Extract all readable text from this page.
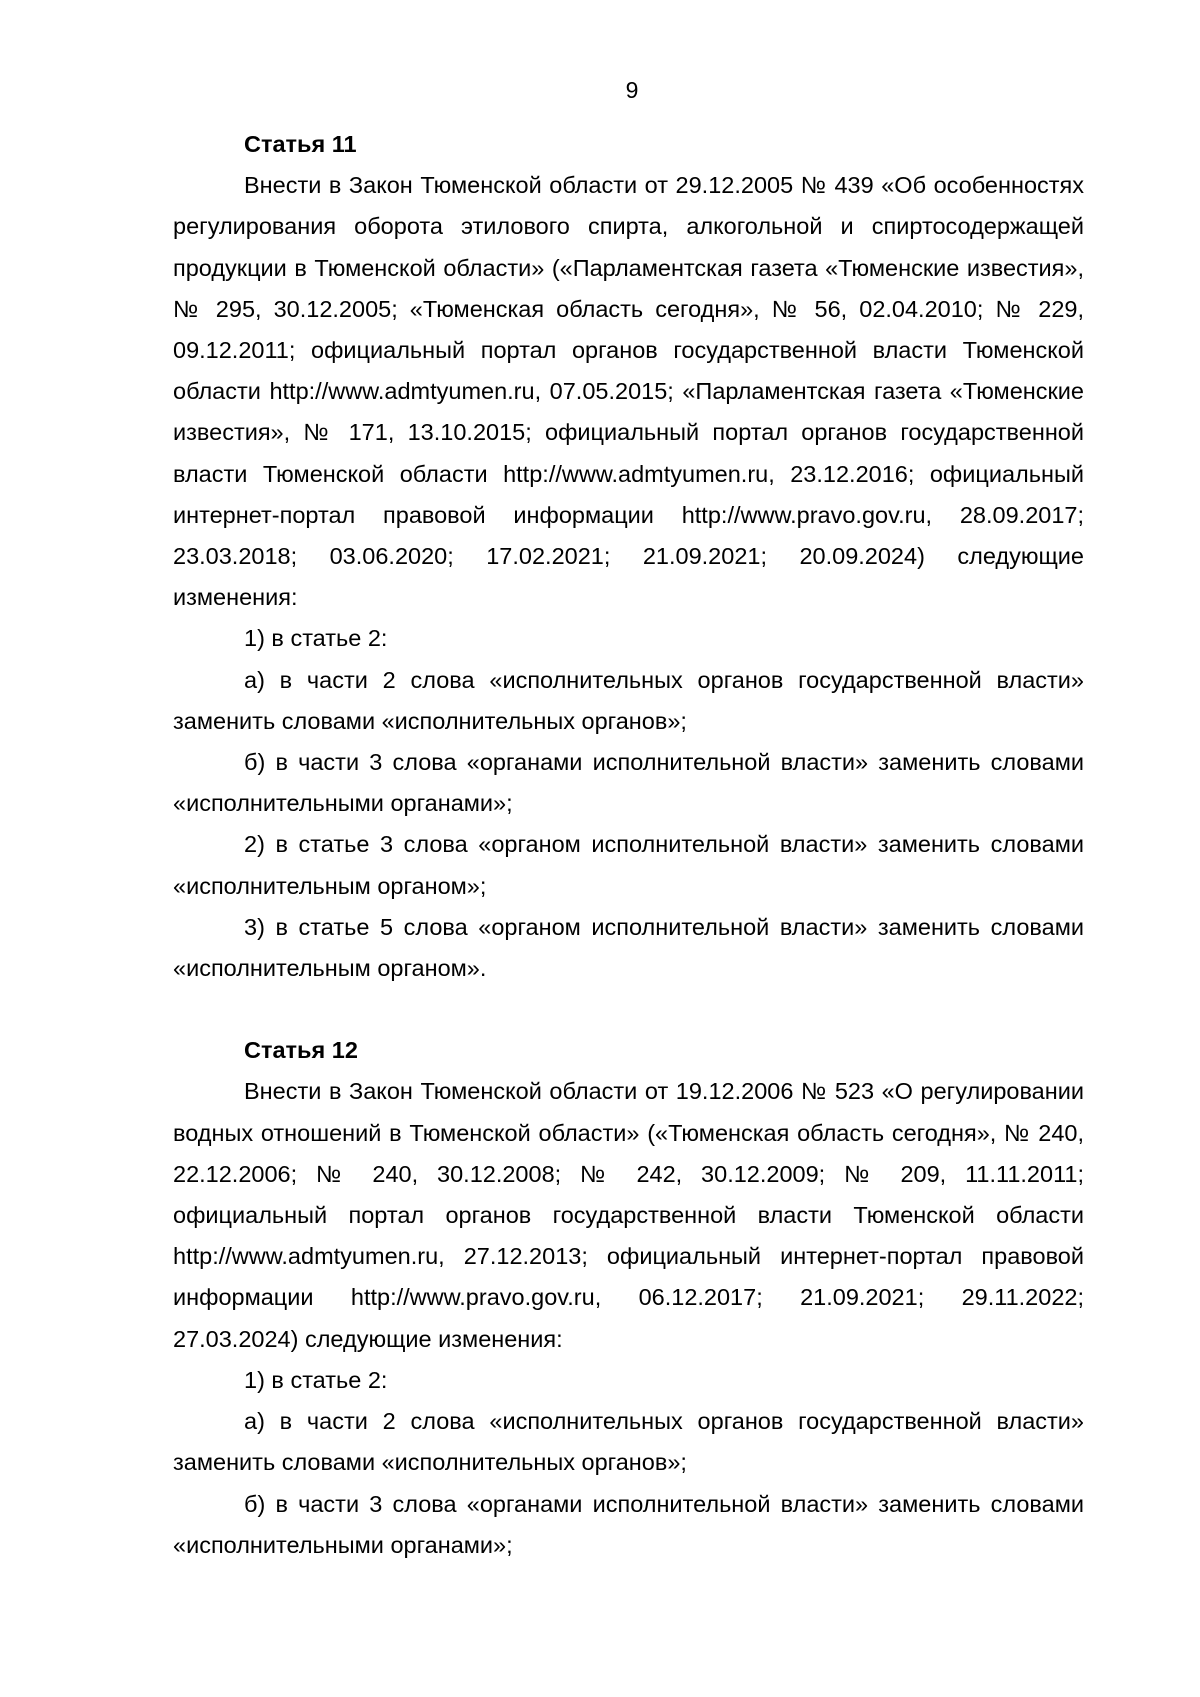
9

Статья 11

Внести в Закон Тюменской области от 29.12.2005 № 439 «Об особенностях регулирования оборота этилового спирта, алкогольной и спиртосодержащей продукции в Тюменской области» («Парламентская газета «Тюменские известия», № 295, 30.12.2005; «Тюменская область сегодня», № 56, 02.04.2010; № 229, 09.12.2011; официальный портал органов государственной власти Тюменской области http://www.admtyumen.ru, 07.05.2015; «Парламентская газета «Тюменские известия», № 171, 13.10.2015; официальный портал органов государственной власти Тюменской области http://www.admtyumen.ru, 23.12.2016; официальный интернет-портал правовой информации http://www.pravo.gov.ru, 28.09.2017; 23.03.2018; 03.06.2020; 17.02.2021; 21.09.2021; 20.09.2024) следующие изменения:

1) в статье 2:

а) в части 2 слова «исполнительных органов государственной власти» заменить словами «исполнительных органов»;

б) в части 3 слова «органами исполнительной власти» заменить словами «исполнительными органами»;

2) в статье 3 слова «органом исполнительной власти» заменить словами «исполнительным органом»;

3) в статье 5 слова «органом исполнительной власти» заменить словами «исполнительным органом».

Статья 12

Внести в Закон Тюменской области от 19.12.2006 № 523 «О регулировании водных отношений в Тюменской области» («Тюменская область сегодня», № 240, 22.12.2006; № 240, 30.12.2008; № 242, 30.12.2009; № 209, 11.11.2011; официальный портал органов государственной власти Тюменской области http://www.admtyumen.ru, 27.12.2013; официальный интернет-портал правовой информации http://www.pravo.gov.ru, 06.12.2017; 21.09.2021; 29.11.2022; 27.03.2024) следующие изменения:

1) в статье 2:

а) в части 2 слова «исполнительных органов государственной власти» заменить словами «исполнительных органов»;

б) в части 3 слова «органами исполнительной власти» заменить словами «исполнительными органами»;
